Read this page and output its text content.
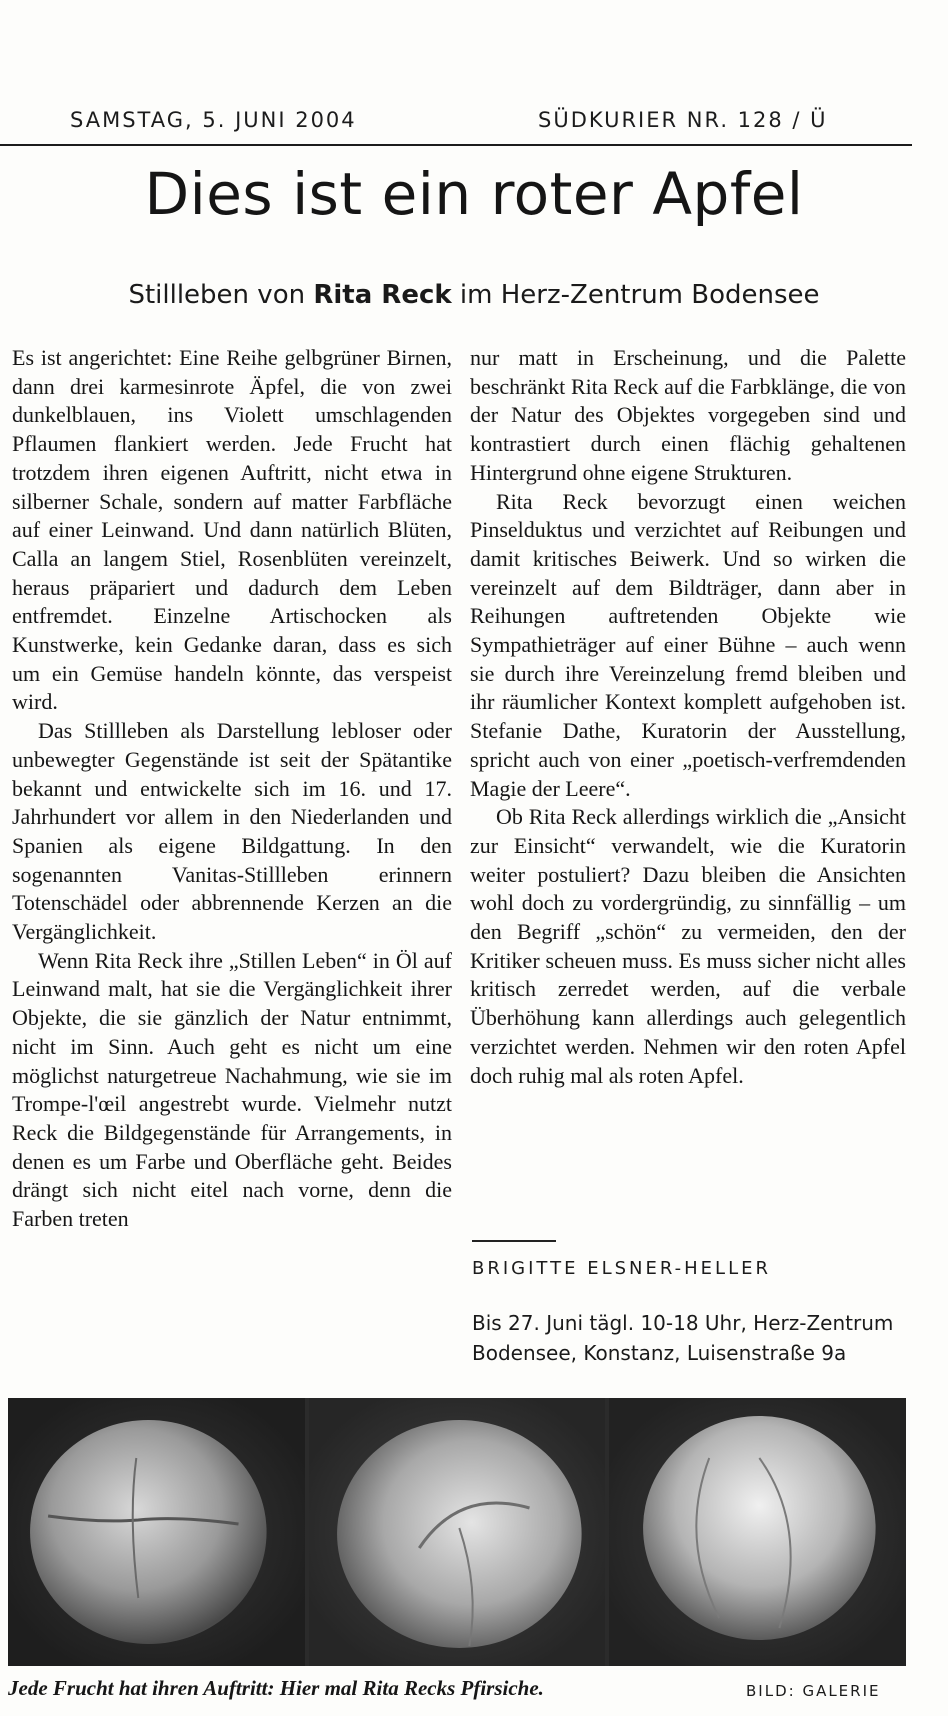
SAMSTAG, 5. JUNI 2004	SÜDKURIER NR. 128 / Ü
Dies ist ein roter Apfel
Stillleben von Rita Reck im Herz-Zentrum Bodensee

Es ist angerichtet: Eine Reihe gelbgrüner Birnen, dann drei karmesinrote Äpfel, die von zwei dunkelblauen, ins Violett umschlagenden Pflaumen flankiert werden. Jede Frucht hat trotzdem ihren eigenen Auftritt, nicht etwa in silberner Schale, sondern auf matter Farbfläche auf einer Leinwand. Und dann natürlich Blüten, Calla an langem Stiel, Rosenblüten vereinzelt, heraus präpariert und dadurch dem Leben entfremdet. Einzelne Artischocken als Kunstwerke, kein Gedanke daran, dass es sich um ein Gemüse handeln könnte, das verspeist wird.

Das Stillleben als Darstellung lebloser oder unbewegter Gegenstände ist seit der Spätantike bekannt und entwickelte sich im 16. und 17. Jahrhundert vor allem in den Niederlanden und Spanien als eigene Bildgattung. In den sogenannten Vanitas-Stillleben erinnern Totenschädel oder abbrennende Kerzen an die Vergänglichkeit.

Wenn Rita Reck ihre „Stillen Leben“ in Öl auf Leinwand malt, hat sie die Vergänglichkeit ihrer Objekte, die sie gänzlich der Natur entnimmt, nicht im Sinn. Auch geht es nicht um eine möglichst naturgetreue Nachahmung, wie sie im Trompe-l'œil angestrebt wurde. Vielmehr nutzt Reck die Bildgegenstände für Arrangements, in denen es um Farbe und Oberfläche geht. Beides drängt sich nicht eitel nach vorne, denn die Farben treten

nur matt in Erscheinung, und die Palette beschränkt Rita Reck auf die Farbklänge, die von der Natur des Objektes vorgegeben sind und kontrastiert durch einen flächig gehaltenen Hintergrund ohne eigene Strukturen.

Rita Reck bevorzugt einen weichen Pinselduktus und verzichtet auf Reibungen und damit kritisches Beiwerk. Und so wirken die vereinzelt auf dem Bildträger, dann aber in Reihungen auftretenden Objekte wie Sympathieträger auf einer Bühne – auch wenn sie durch ihre Vereinzelung fremd bleiben und ihr räumlicher Kontext komplett aufgehoben ist. Stefanie Dathe, Kuratorin der Ausstellung, spricht auch von einer „poetisch-verfremdenden Magie der Leere“.

Ob Rita Reck allerdings wirklich die „Ansicht zur Einsicht“ verwandelt, wie die Kuratorin weiter postuliert? Dazu bleiben die Ansichten wohl doch zu vordergründig, zu sinnfällig – um den Begriff „schön“ zu vermeiden, den der Kritiker scheuen muss. Es muss sicher nicht alles kritisch zerredet werden, auf die verbale Überhöhung kann allerdings auch gelegentlich verzichtet werden. Nehmen wir den roten Apfel doch ruhig mal als roten Apfel.

BRIGITTE ELSNER-HELLER
Bis 27. Juni tägl. 10-18 Uhr, Herz-Zentrum
Bodensee, Konstanz, Luisenstraße 9a
Jede Frucht hat ihren Auftritt: Hier mal Rita Recks Pfirsiche.	BILD: GALERIE
